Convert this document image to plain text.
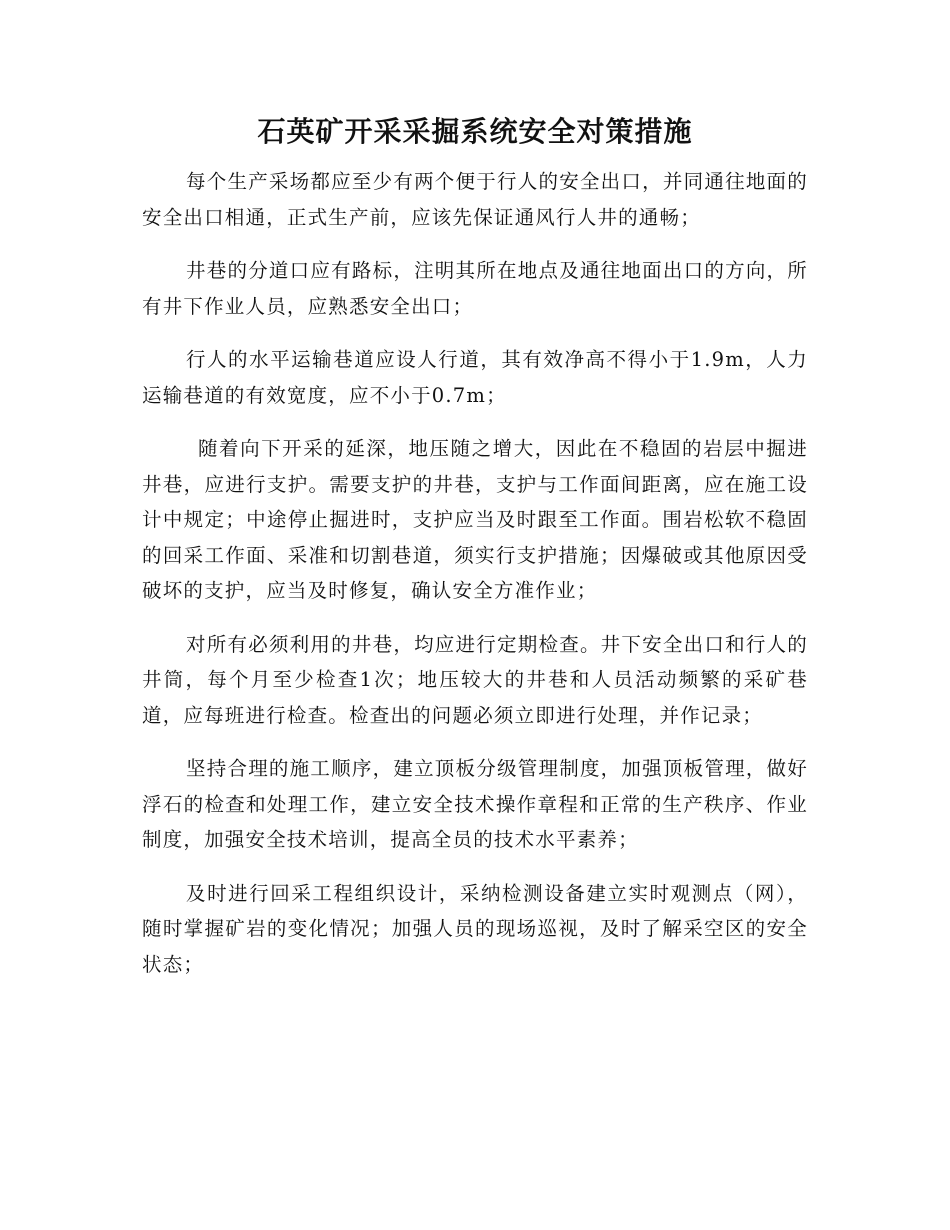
石英矿开采采掘系统安全对策措施

每个生产采场都应至少有两个便于行人的安全出口，并同通往地面的安全出口相通，正式生产前，应该先保证通风行人井的通畅；

井巷的分道口应有路标，注明其所在地点及通往地面出口的方向，所有井下作业人员，应熟悉安全出口；

行人的水平运输巷道应设人行道，其有效净高不得小于1.9m，人力运输巷道的有效宽度，应不小于0.7m；

随着向下开采的延深，地压随之增大，因此在不稳固的岩层中掘进井巷，应进行支护。需要支护的井巷，支护与工作面间距离，应在施工设计中规定；中途停止掘进时，支护应当及时跟至工作面。围岩松软不稳固的回采工作面、采准和切割巷道，须实行支护措施；因爆破或其他原因受破坏的支护，应当及时修复，确认安全方准作业；

对所有必须利用的井巷，均应进行定期检查。井下安全出口和行人的井筒，每个月至少检查1次；地压较大的井巷和人员活动频繁的采矿巷道，应每班进行检查。检查出的问题必须立即进行处理，并作记录；

坚持合理的施工顺序，建立顶板分级管理制度，加强顶板管理，做好浮石的检查和处理工作，建立安全技术操作章程和正常的生产秩序、作业制度，加强安全技术培训，提高全员的技术水平素养；

及时进行回采工程组织设计，采纳检测设备建立实时观测点（网），随时掌握矿岩的变化情况；加强人员的现场巡视，及时了解采空区的安全状态；
